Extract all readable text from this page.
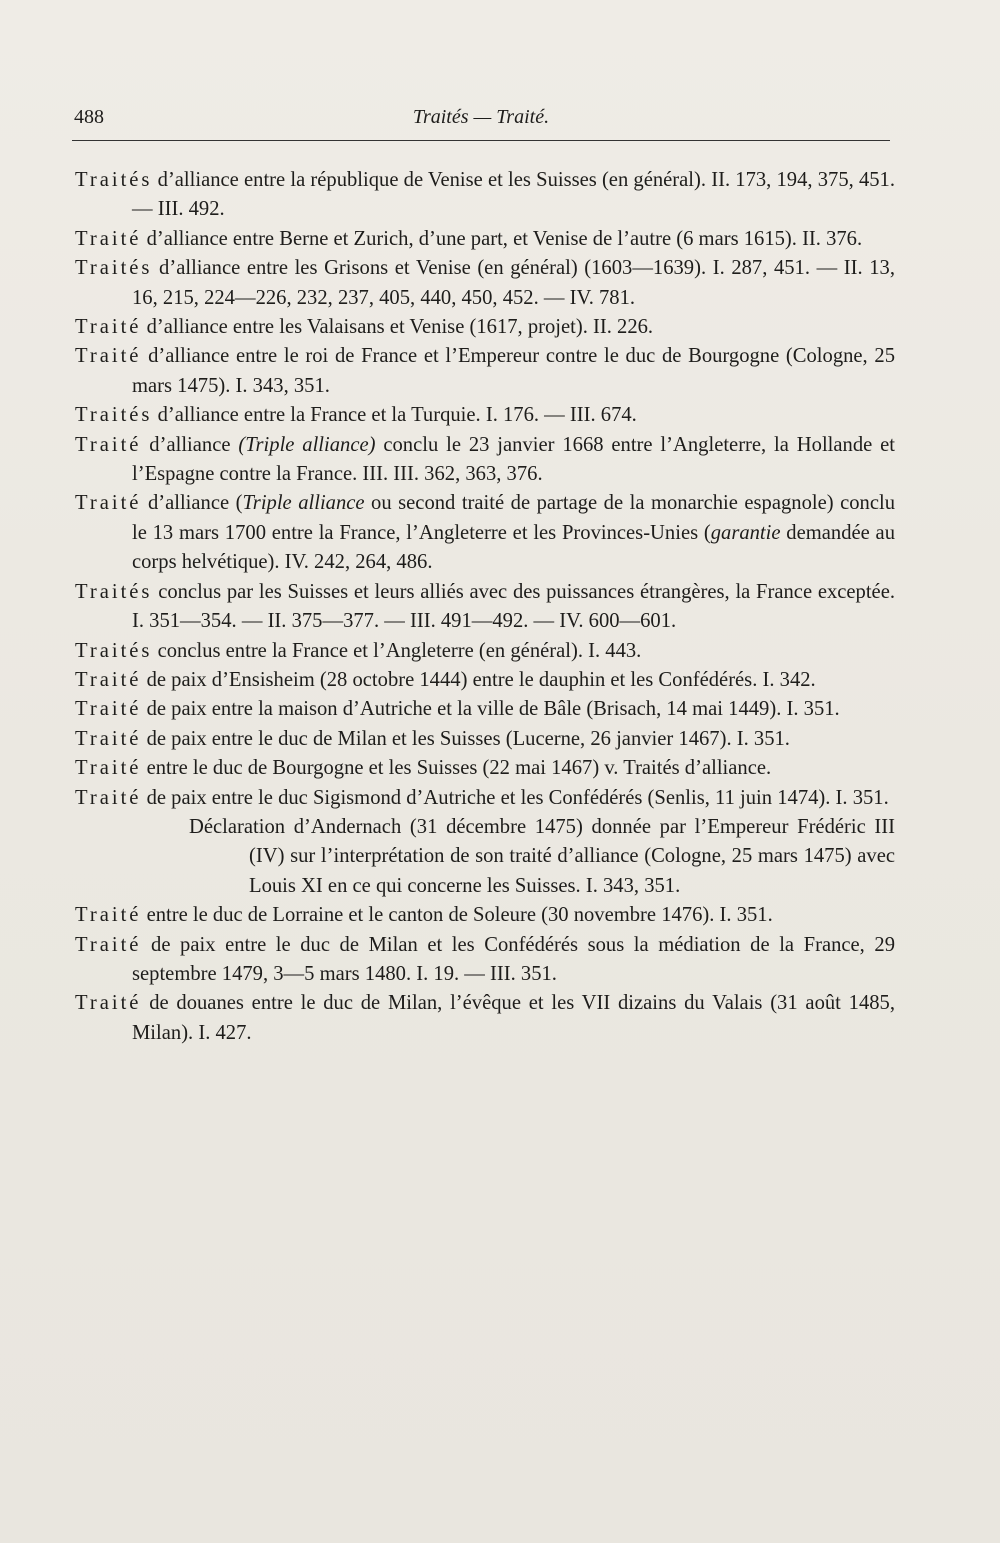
488	Traités — Traité.

Traités d’alliance entre la république de Venise et les Suisses (en général). II. 173, 194, 375, 451. — III. 492.

Traité d’alliance entre Berne et Zurich, d’une part, et Venise de l’autre (6 mars 1615). II. 376.

Traités d’alliance entre les Grisons et Venise (en général) (1603—1639). I. 287, 451. — II. 13, 16, 215, 224—226, 232, 237, 405, 440, 450, 452. — IV. 781.

Traité d’alliance entre les Valaisans et Venise (1617, projet). II. 226.

Traité d’alliance entre le roi de France et l’Empereur contre le duc de Bourgogne (Cologne, 25 mars 1475). I. 343, 351.

Traités d’alliance entre la France et la Turquie. I. 176. — III. 674.

Traité d’alliance (Triple alliance) conclu le 23 janvier 1668 entre l’Angleterre, la Hollande et l’Espagne contre la France. III. III. 362, 363, 376.

Traité d’alliance (Triple alliance ou second traité de partage de la monarchie espagnole) conclu le 13 mars 1700 entre la France, l’Angleterre et les Provinces-Unies (garantie demandée au corps helvétique). IV. 242, 264, 486.

Traités conclus par les Suisses et leurs alliés avec des puissances étrangères, la France exceptée. I. 351—354. — II. 375—377. — III. 491—492. — IV. 600—601.

Traités conclus entre la France et l’Angleterre (en général). I. 443.

Traité de paix d’Ensisheim (28 octobre 1444) entre le dauphin et les Confédérés. I. 342.

Traité de paix entre la maison d’Autriche et la ville de Bâle (Brisach, 14 mai 1449). I. 351.

Traité de paix entre le duc de Milan et les Suisses (Lucerne, 26 janvier 1467). I. 351.

Traité entre le duc de Bourgogne et les Suisses (22 mai 1467) v. Traités d’alliance.

Traité de paix entre le duc Sigismond d’Autriche et les Confédérés (Senlis, 11 juin 1474). I. 351.

Déclaration d’Andernach (31 décembre 1475) donnée par l’Empereur Frédéric III (IV) sur l’interprétation de son traité d’alliance (Cologne, 25 mars 1475) avec Louis XI en ce qui concerne les Suisses. I. 343, 351.

Traité entre le duc de Lorraine et le canton de Soleure (30 novembre 1476). I. 351.

Traité de paix entre le duc de Milan et les Confédérés sous la médiation de la France, 29 septembre 1479, 3—5 mars 1480. I. 19. — III. 351.

Traité de douanes entre le duc de Milan, l’évêque et les VII dizains du Valais (31 août 1485, Milan). I. 427.
